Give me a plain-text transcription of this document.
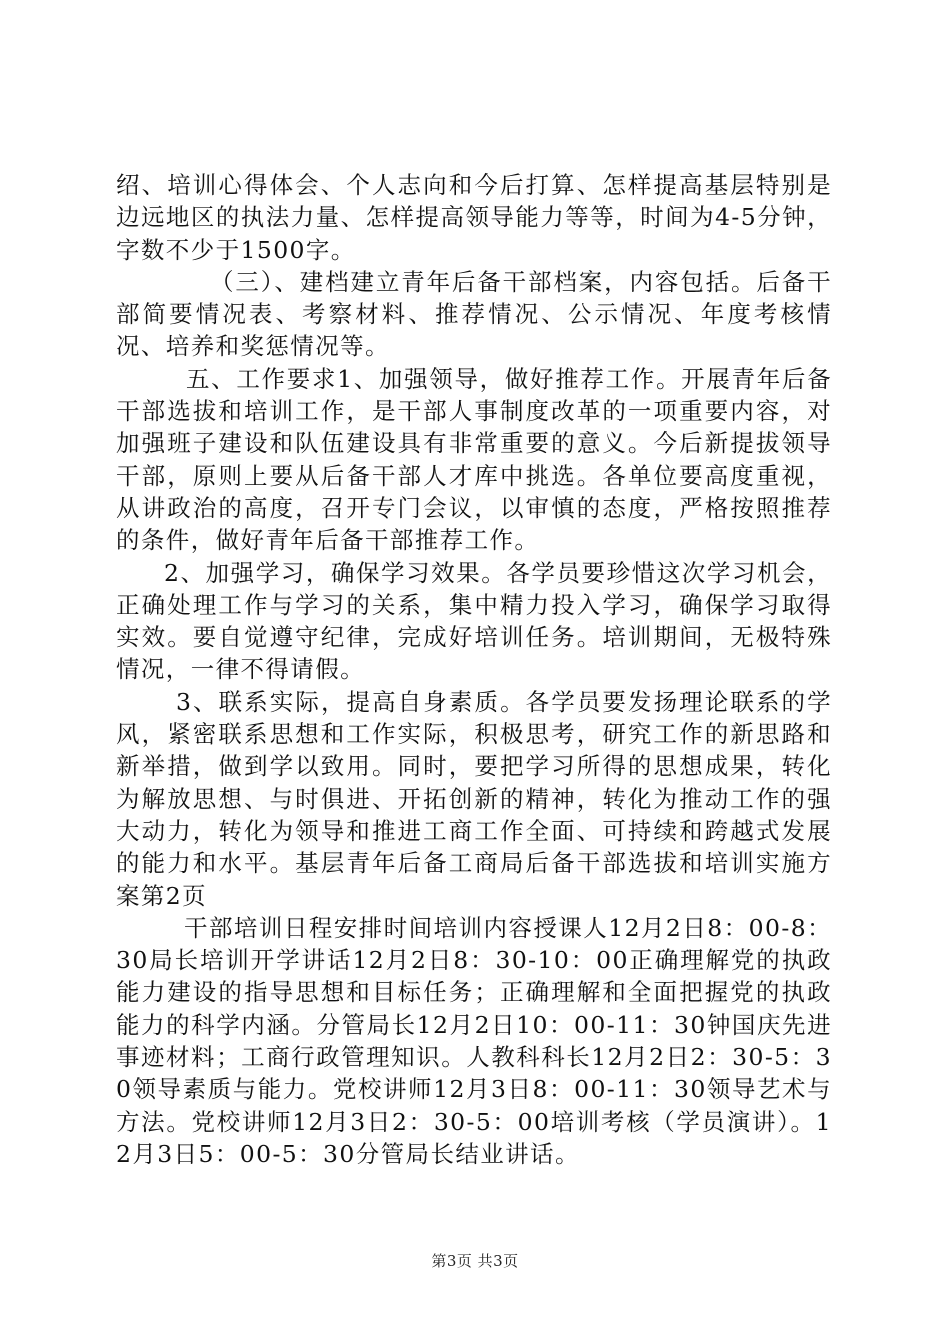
绍、培训心得体会、个人志向和今后打算、怎样提高基层特别是边远地区的执法力量、怎样提高领导能力等等，时间为4-5分钟，字数不少于1500字。

（三）、建档建立青年后备干部档案，内容包括。后备干部简要情况表、考察材料、推荐情况、公示情况、年度考核情况、培养和奖惩情况等。

五、工作要求1、加强领导，做好推荐工作。开展青年后备干部选拔和培训工作，是干部人事制度改革的一项重要内容，对加强班子建设和队伍建设具有非常重要的意义。今后新提拔领导干部，原则上要从后备干部人才库中挑选。各单位要高度重视，从讲政治的高度，召开专门会议，以审慎的态度，严格按照推荐的条件，做好青年后备干部推荐工作。

2、加强学习，确保学习效果。各学员要珍惜这次学习机会，正确处理工作与学习的关系，集中精力投入学习，确保学习取得实效。要自觉遵守纪律，完成好培训任务。培训期间，无极特殊情况，一律不得请假。

3、联系实际，提高自身素质。各学员要发扬理论联系的学风，紧密联系思想和工作实际，积极思考，研究工作的新思路和新举措，做到学以致用。同时，要把学习所得的思想成果，转化为解放思想、与时俱进、开拓创新的精神，转化为推动工作的强大动力，转化为领导和推进工商工作全面、可持续和跨越式发展的能力和水平。基层青年后备工商局后备干部选拔和培训实施方案第2页

干部培训日程安排时间培训内容授课人12月2日8：00-8：30局长培训开学讲话12月2日8：30-10：00正确理解党的执政能力建设的指导思想和目标任务；正确理解和全面把握党的执政能力的科学内涵。分管局长12月2日10：00-11：30钟国庆先进事迹材料；工商行政管理知识。人教科科长12月2日2：30-5：30领导素质与能力。党校讲师12月3日8：00-11：30领导艺术与方法。党校讲师12月3日2：30-5：00培训考核（学员演讲）。12月3日5：00-5：30分管局长结业讲话。

第3页 共3页
